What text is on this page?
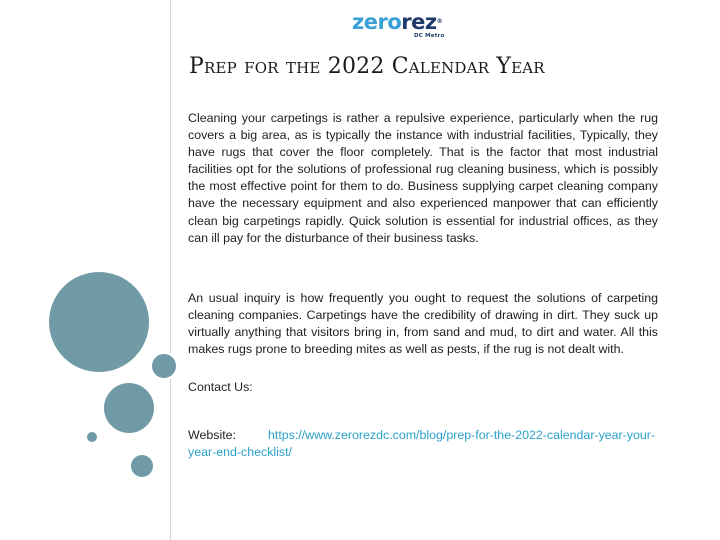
zerorez®
DC Metro
Prep for the 2022 Calendar Year

Cleaning your carpetings is rather a repulsive experience, particularly when the rug covers a big area, as is typically the instance with industrial facilities, Typically, they have rugs that cover the floor completely. That is the factor that most industrial facilities opt for the solutions of professional rug cleaning business, which is possibly the most effective point for them to do. Business supplying carpet cleaning company have the necessary equipment and also experienced manpower that can efficiently clean big carpetings rapidly. Quick solution is essential for industrial offices, as they can ill pay for the disturbance of their business tasks.

An usual inquiry is how frequently you ought to request the solutions of carpeting cleaning companies. Carpetings have the credibility of drawing in dirt. They suck up virtually anything that visitors bring in, from sand and mud, to dirt and water. All this makes rugs prone to breeding mites as well as pests, if the rug is not dealt with.

Contact Us:

Website:	https://www.zerorezdc.com/blog/prep-for-the-2022-calendar-year-your-year-end-checklist/
